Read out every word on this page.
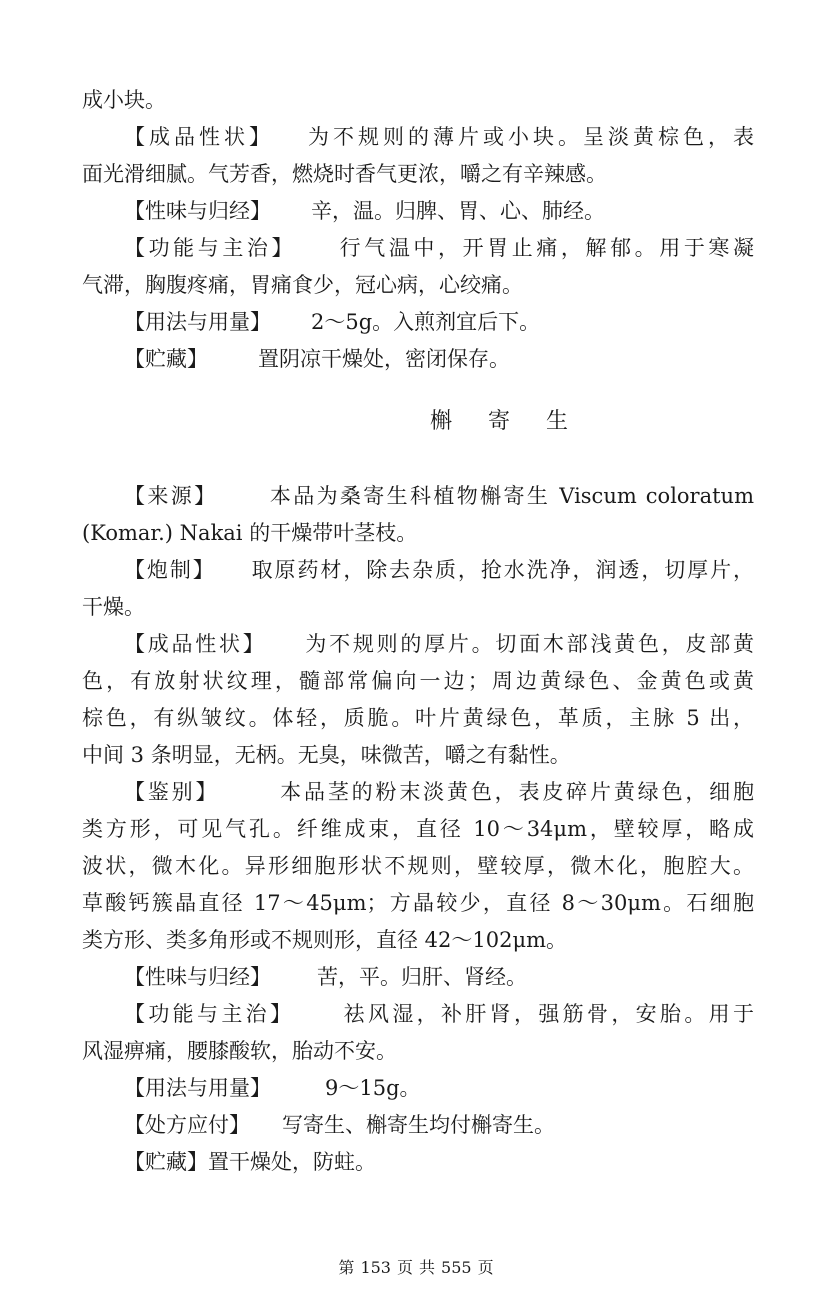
成小块。
【成品性状】 为不规则的薄片或小块。呈淡黄棕色，表
面光滑细腻。气芳香，燃烧时香气更浓，嚼之有辛辣感。
【性味与归经】 辛，温。归脾、胃、心、肺经。
【功能与主治】 行气温中，开胃止痛，解郁。用于寒凝
气滞，胸腹疼痛，胃痛食少，冠心病，心绞痛。
【用法与用量】 2～5g。入煎剂宜后下。
【贮藏】 置阴凉干燥处，密闭保存。
槲 寄 生
【来源】 本品为桑寄生科植物槲寄生 Viscum coloratum
(Komar.) Nakai 的干燥带叶茎枝。
【炮制】 取原药材，除去杂质，抢水洗净，润透，切厚片，
干燥。
【成品性状】 为不规则的厚片。切面木部浅黄色，皮部黄
色，有放射状纹理，髓部常偏向一边；周边黄绿色、金黄色或黄
棕色，有纵皱纹。体轻，质脆。叶片黄绿色，革质，主脉 5 出，
中间 3 条明显，无柄。无臭，味微苦，嚼之有黏性。
【鉴别】	本品茎的粉末淡黄色，表皮碎片黄绿色，细胞
类方形，可见气孔。纤维成束，直径 10～34μm，壁较厚，略成
波状，微木化。异形细胞形状不规则，壁较厚，微木化，胞腔大。
草酸钙簇晶直径 17～45μm；方晶较少，直径 8～30μm。石细胞
类方形、类多角形或不规则形，直径 42～102μm。
【性味与归经】 苦，平。归肝、肾经。
【功能与主治】 祛风湿，补肝肾，强筋骨，安胎。用于
风湿痹痛，腰膝酸软，胎动不安。
【用法与用量】	9～15g。
【处方应付】 写寄生、槲寄生均付槲寄生。
【贮藏】置干燥处，防蛀。
第 153 页 共 555 页
